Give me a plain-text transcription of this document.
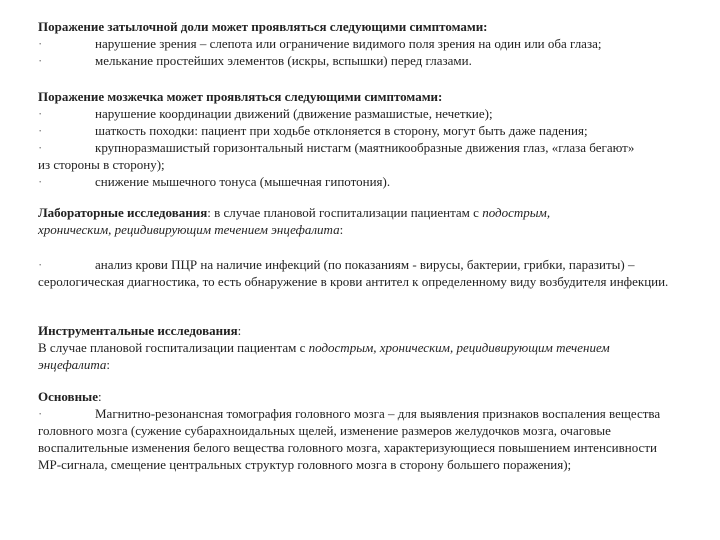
Поражение затылочной доли может проявляться следующими симптомами:

·	нарушение зрения – слепота или ограничение видимого поля зрения на один или оба глаза;

·	мелькание простейших элементов (искры, вспышки) перед глазами.

Поражение мозжечка может проявляться следующими симптомами:

·	нарушение координации движений (движение размашистые, нечеткие);

·	шаткость походки: пациент при ходьбе отклоняется в сторону, могут быть даже падения;

·	крупноразмашистый горизонтальный нистагм (маятникообразные движения глаз, «глаза бегают» из стороны в сторону);

·	снижение мышечного тонуса (мышечная гипотония).

Лабораторные исследования: в случае плановой госпитализации пациентам с подострым, хроническим, рецидивирующим течением энцефалита:

·	анализ крови ПЦР на наличие инфекций (по показаниям - вирусы, бактерии, грибки, паразиты) – серологическая диагностика, то есть обнаружение в крови антител к определенному виду возбудителя инфекции.

Инструментальные исследования:

В случае плановой госпитализации пациентам с подострым, хроническим, рецидивирующим течением энцефалита:

Основные:

·	Магнитно-резонансная томография головного мозга – для выявления признаков воспаления вещества головного мозга (сужение субарахноидальных щелей, изменение размеров желудочков мозга, очаговые воспалительные изменения белого вещества головного мозга, характеризующиеся повышением интенсивности МР-сигнала, смещение центральных структур головного мозга в сторону большего поражения);
